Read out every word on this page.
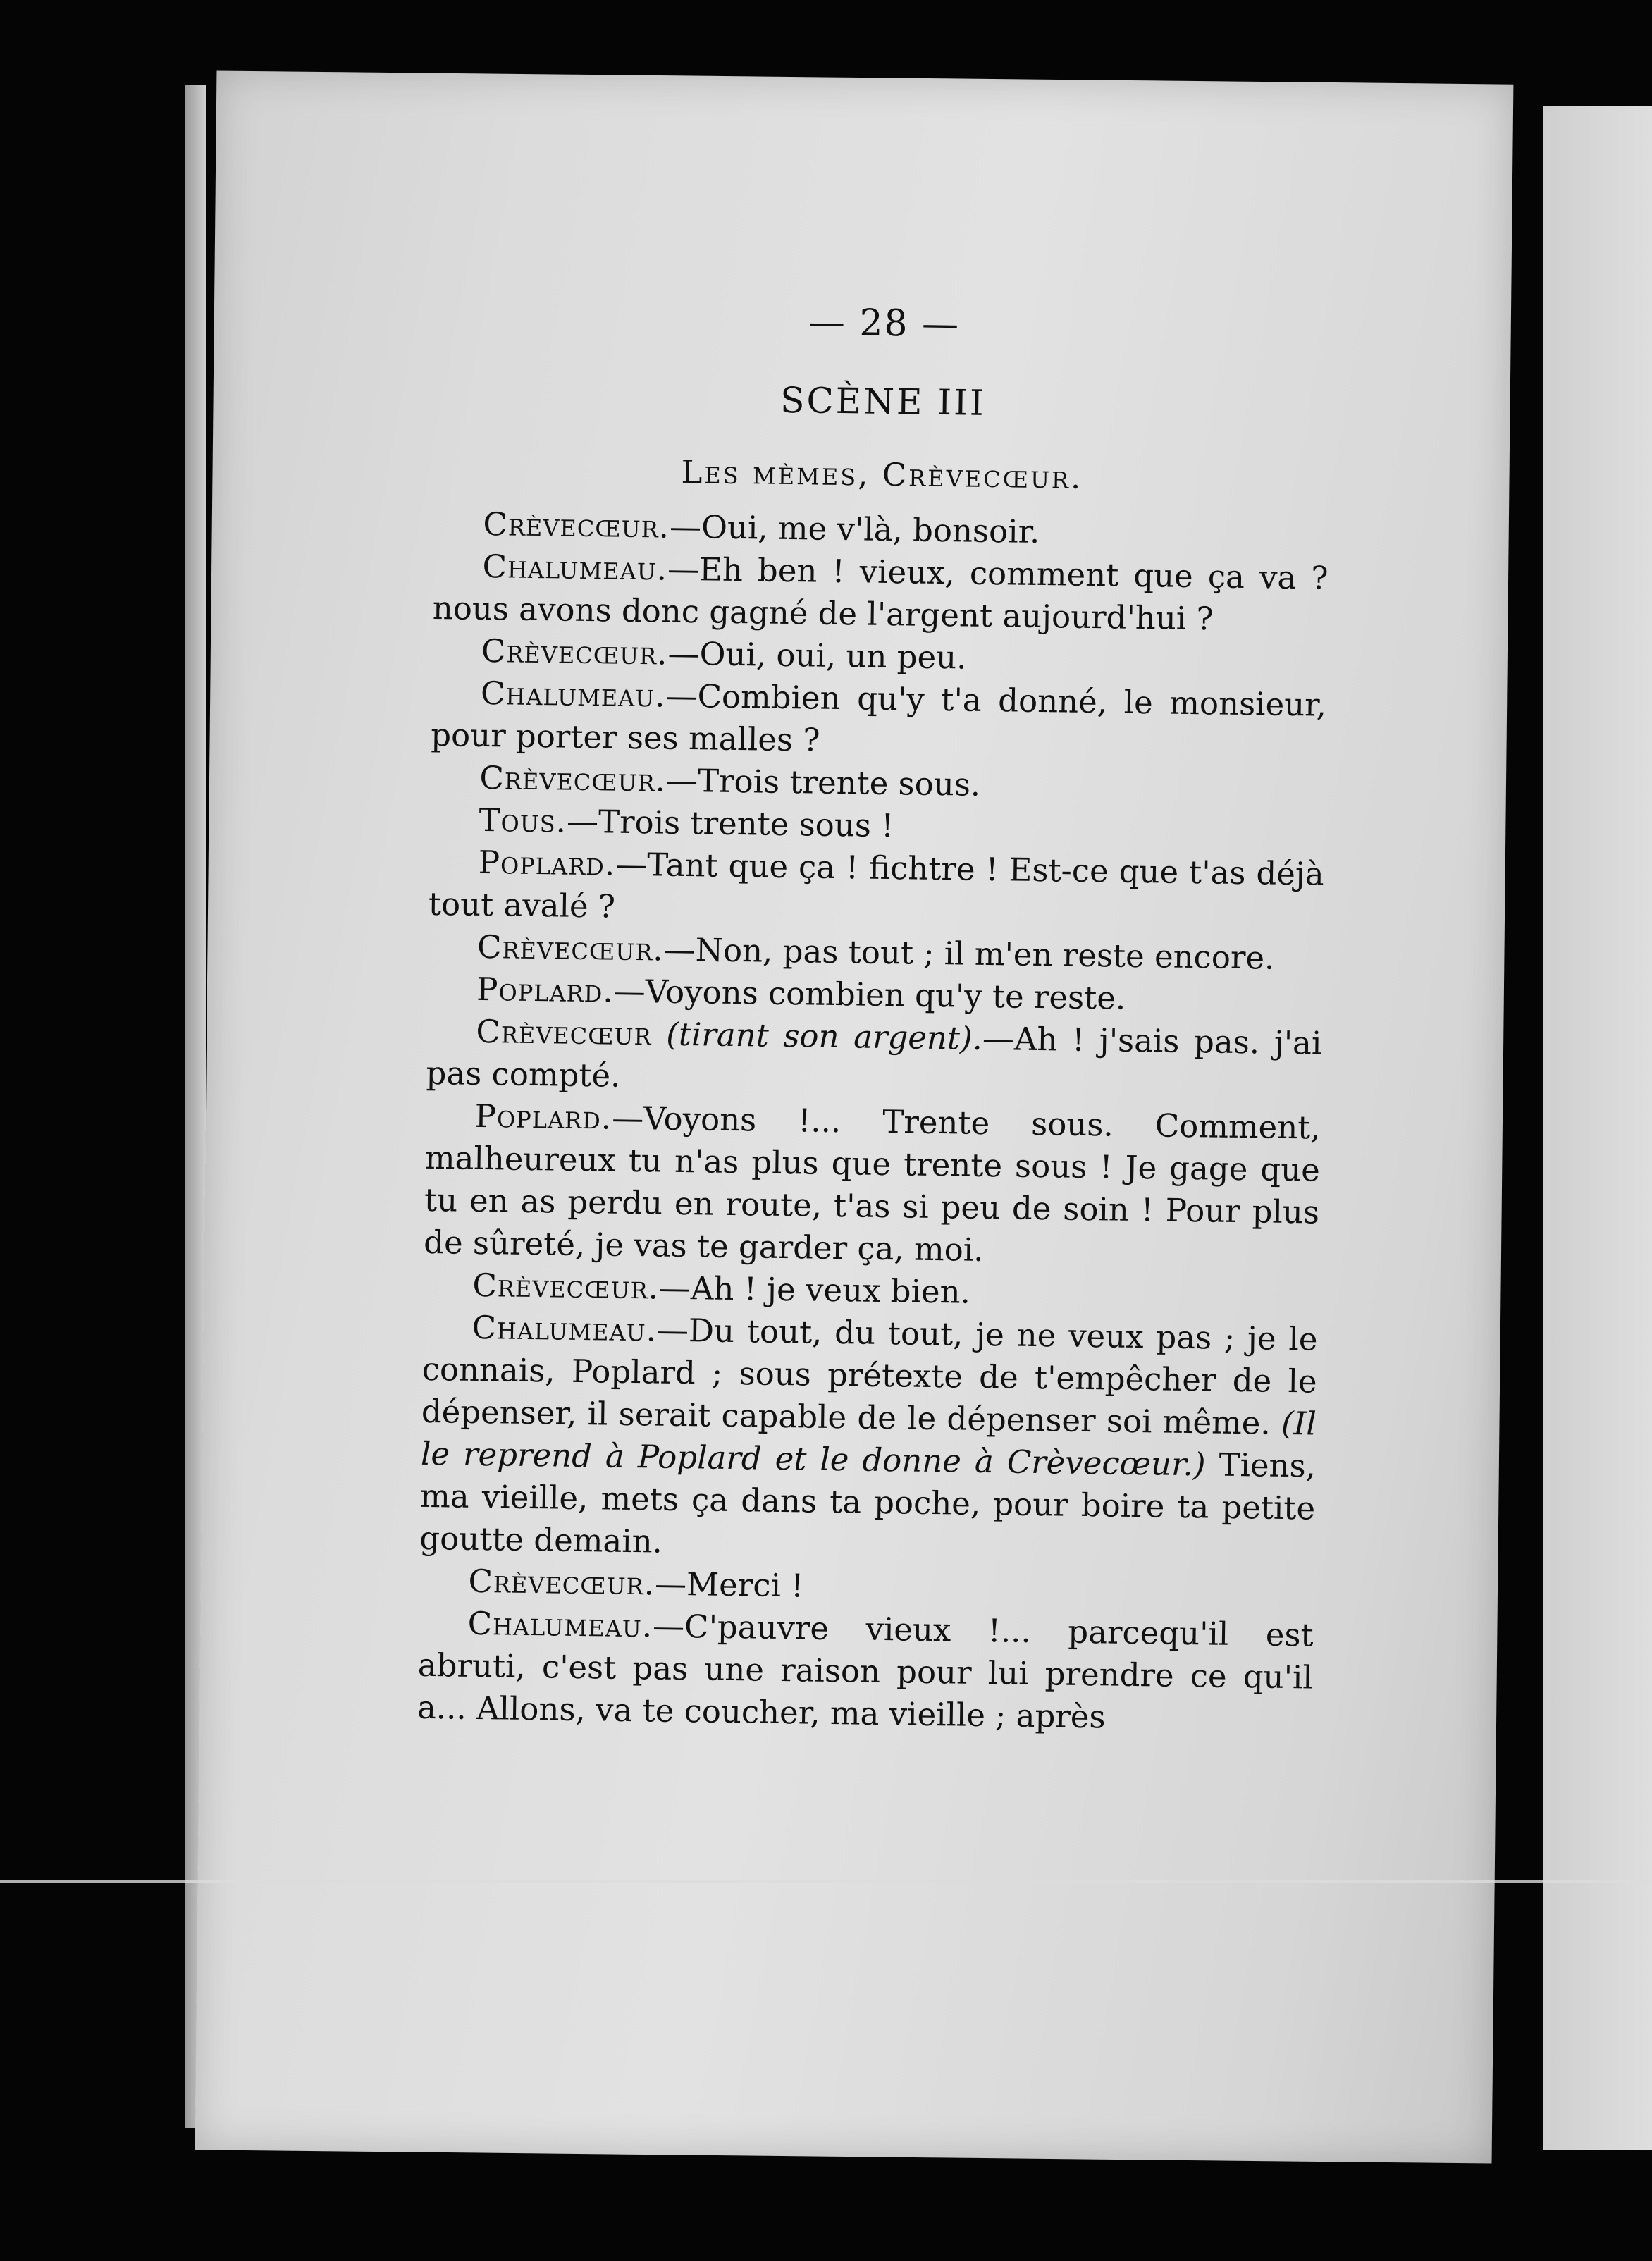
— 28 —
SCÈNE III
Les mèmes, Crèvecœur.

Crèvecœur.—Oui, me v'là, bonsoir.

Chalumeau.—Eh ben ! vieux, comment que ça va ? nous avons donc gagné de l'argent aujourd'hui ?

Crèvecœur.—Oui, oui, un peu.

Chalumeau.—Combien qu'y t'a donné, le monsieur, pour porter ses malles ?

Crèvecœur.—Trois trente sous.

Tous.—Trois trente sous !

Poplard.—Tant que ça ! fichtre ! Est-ce que t'as déjà tout avalé ?

Crèvecœur.—Non, pas tout ; il m'en reste encore.

Poplard.—Voyons combien qu'y te reste.

Crèvecœur (tirant son argent).—Ah ! j'sais pas. j'ai pas compté.

Poplard.—Voyons !... Trente sous. Comment, malheureux tu n'as plus que trente sous ! Je gage que tu en as perdu en route, t'as si peu de soin ! Pour plus de sûreté, je vas te garder ça, moi.

Crèvecœur.—Ah ! je veux bien.

Chalumeau.—Du tout, du tout, je ne veux pas ; je le connais, Poplard ; sous prétexte de t'empêcher de le dépenser, il serait capable de le dépenser soi même. (Il le reprend à Poplard et le donne à Crèvecœur.) Tiens, ma vieille, mets ça dans ta poche, pour boire ta petite goutte demain.

Crèvecœur.—Merci !

Chalumeau.—C'pauvre vieux !... parcequ'il est abruti, c'est pas une raison pour lui prendre ce qu'il a... Allons, va te coucher, ma vieille ; après
